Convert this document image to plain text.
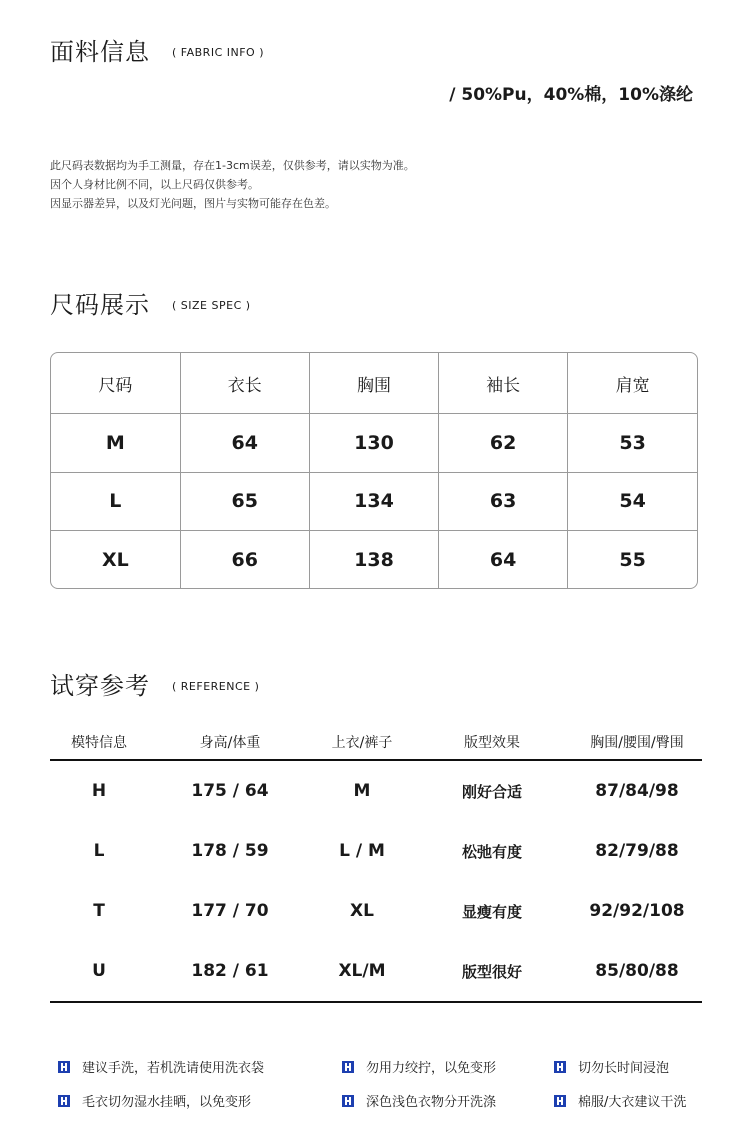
面料信息 ( FABRIC INFO )
/ 50%Pu，40%棉，10%涤纶
此尺码表数据均为手工测量，存在1-3cm误差，仅供参考，请以实物为准。
因个人身材比例不同，以上尺码仅供参考。
因显示器差异，以及灯光问题，图片与实物可能存在色差。
尺码展示 ( SIZE SPEC )
尺码	衣长	胸围	袖长	肩宽
M	64	130	62	53
L	65	134	63	54
XL	66	138	64	55
试穿参考 ( REFERENCE )
模特信息	身高/体重	上衣/裤子	版型效果	胸围/腰围/臀围
H	175 / 64	M	刚好合适	87/84/98
L	178 / 59	L / M	松弛有度	82/79/88
T	177 / 70	XL	显瘦有度	92/92/108
U	182 / 61	XL/M	版型很好	85/80/88
建议手洗，若机洗请使用洗衣袋	勿用力绞拧，以免变形	切勿长时间浸泡
毛衣切勿湿水挂晒，以免变形	深色浅色衣物分开洗涤	棉服/大衣建议干洗
